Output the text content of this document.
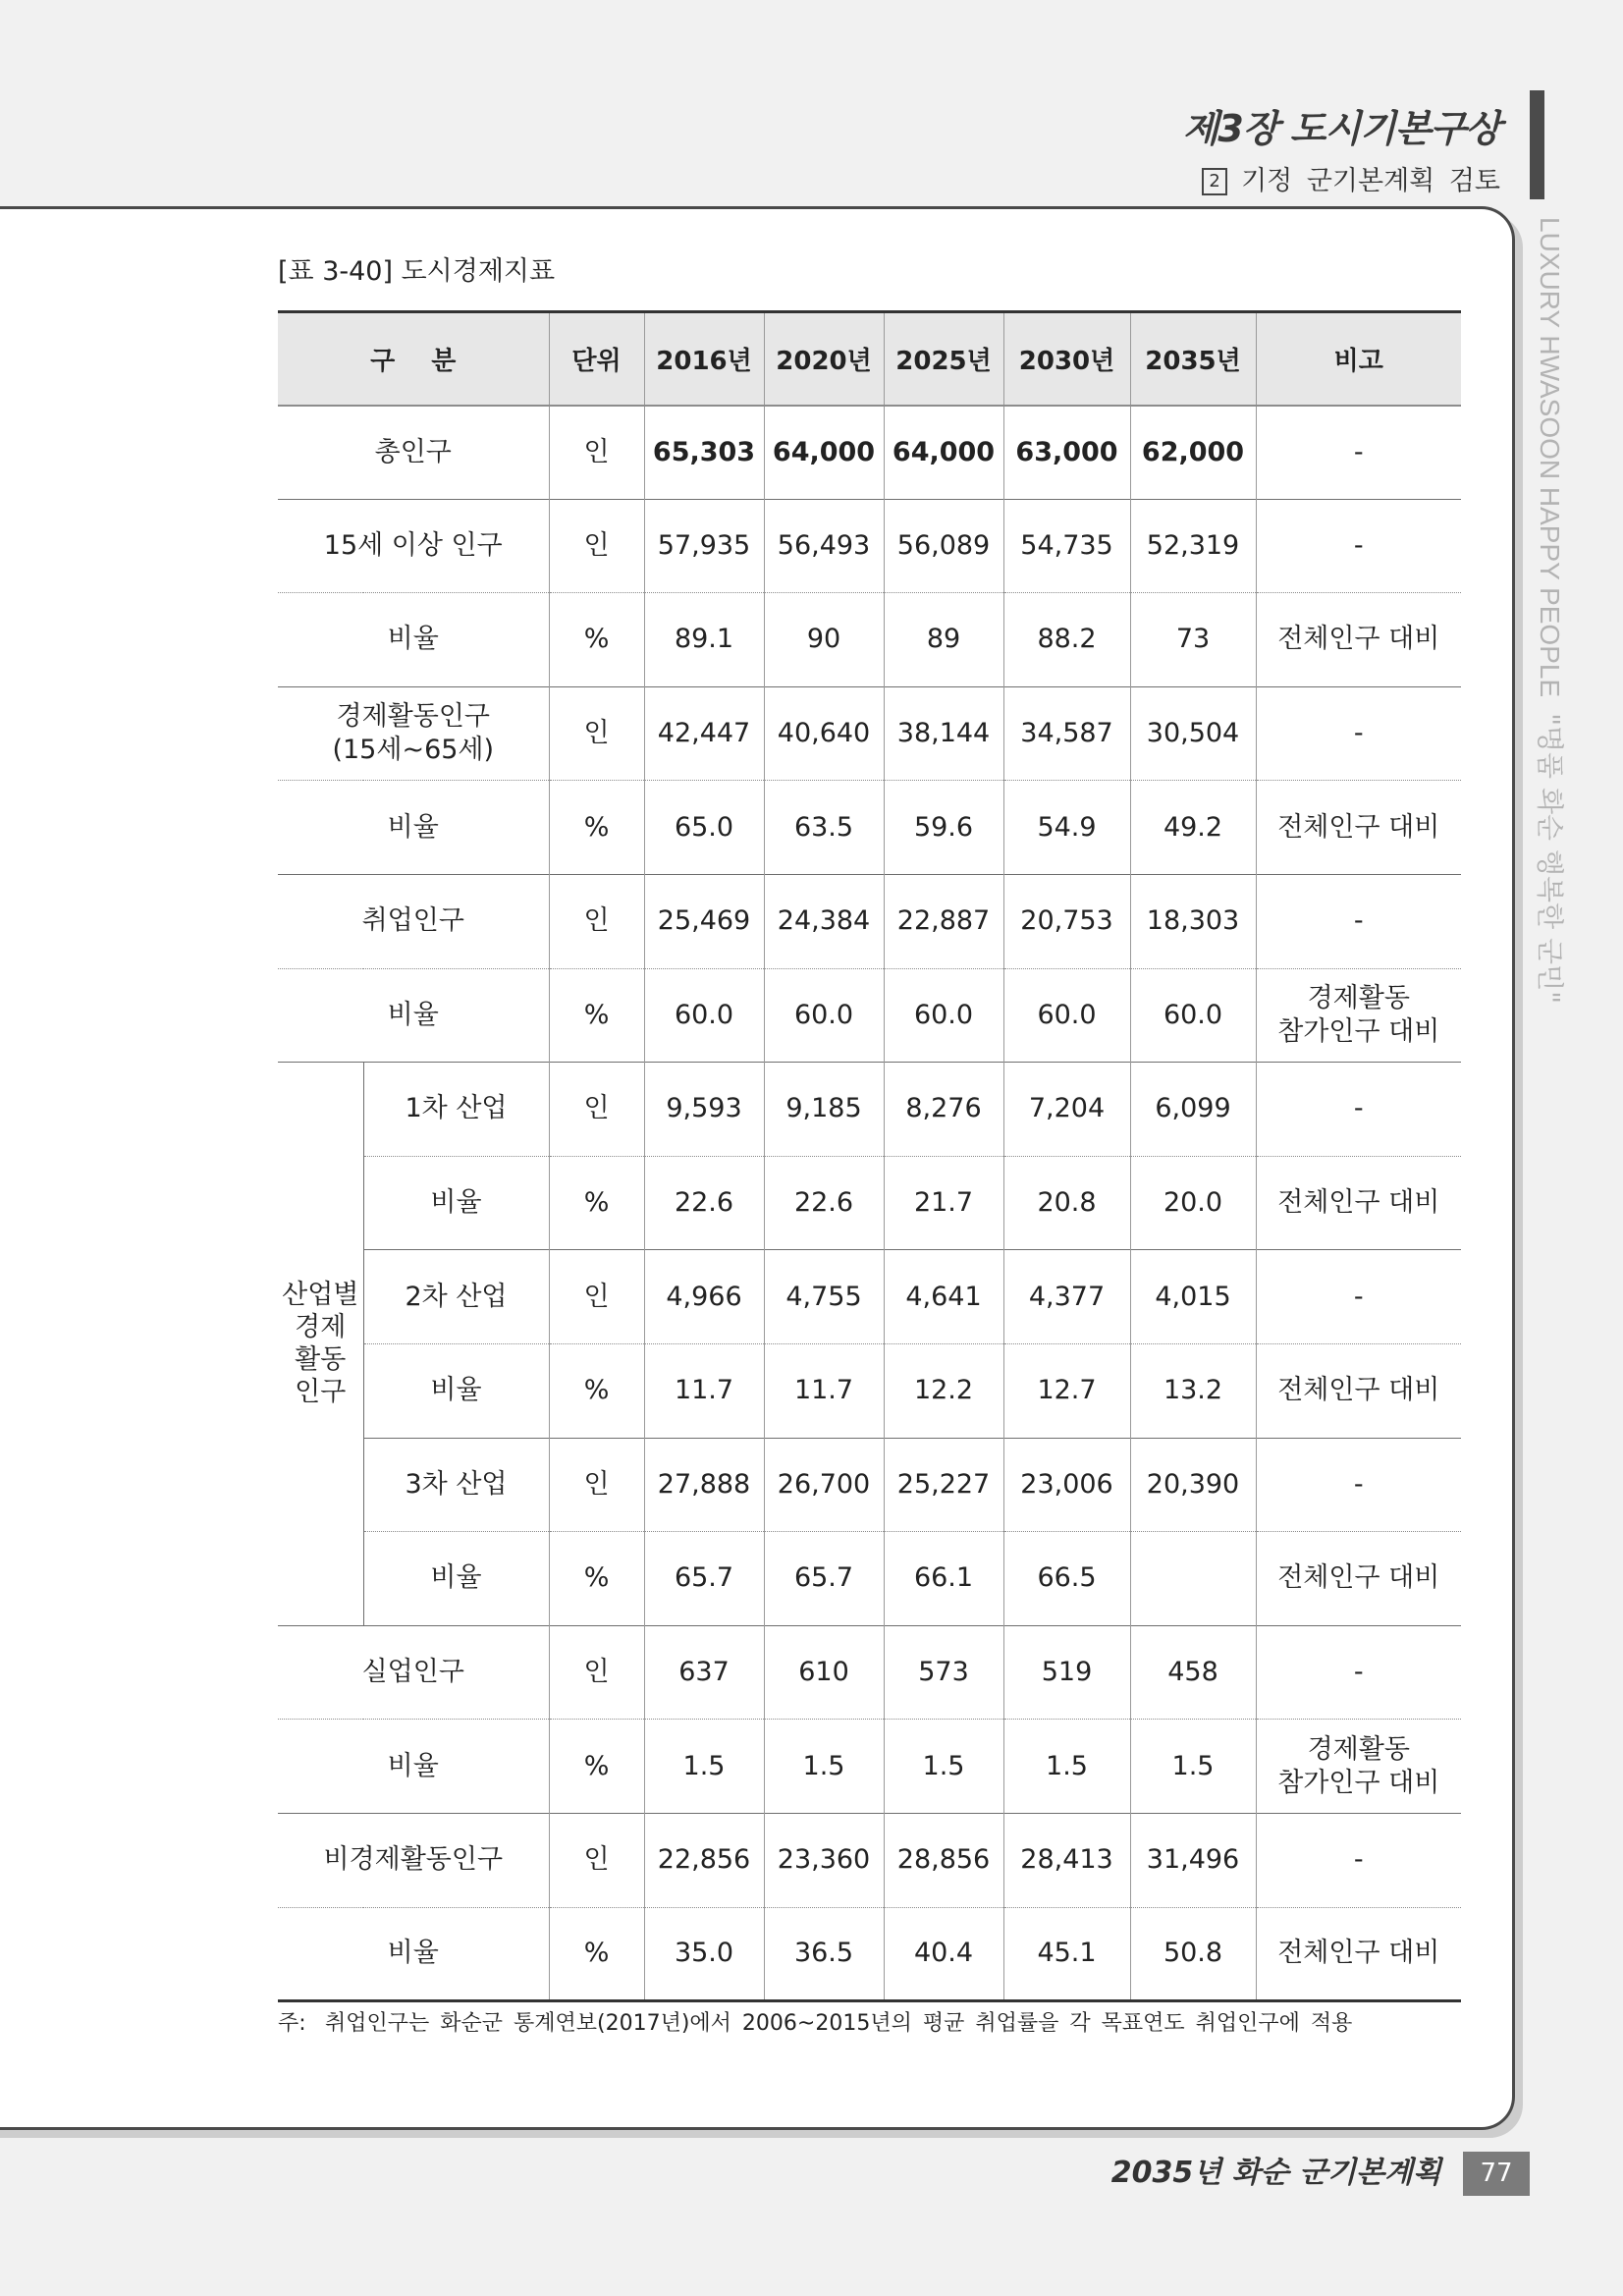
제3장 도시기본구상
2 기정 군기본계획 검토
LUXURY HWASOON HAPPY PEOPLE"명품 화순 행복한 군민"
[표 3-40] 도시경제지표
구 분		단위	2016년	2020년	2025년	2030년	2035년	비고

총인구		인	65,303	64,000	64,000	63,000	62,000	-

15세 이상 인구		인	57,935	56,493	56,089	54,735	52,319	-

비율		%	89.1	90	89	88.2	73	전체인구 대비

경제활동인구
(15세~65세)		인	42,447	40,640	38,144	34,587	30,504	-

비율		%	65.0	63.5	59.6	54.9	49.2	전체인구 대비

취업인구		인	25,469	24,384	22,887	20,753	18,303	-

비율		%	60.0	60.0	60.0	60.0	60.0	경제활동 참가인구 대비

산업별
경제
활동
인구	1차 산업	인	9,593	9,185	8,276	7,204	6,099	-

	비율	%	22.6	22.6	21.7	20.8	20.0	전체인구 대비

	2차 산업	인	4,966	4,755	4,641	4,377	4,015	-

	비율	%	11.7	11.7	12.2	12.7	13.2	전체인구 대비

	3차 산업	인	27,888	26,700	25,227	23,006	20,390	-

	비율	%	65.7	65.7	66.1	66.5		전체인구 대비

실업인구		인	637	610	573	519	458	-

비율		%	1.5	1.5	1.5	1.5	1.5	경제활동 참가인구 대비

비경제활동인구		인	22,856	23,360	28,856	28,413	31,496	-

비율		%	35.0	36.5	40.4	45.1	50.8	전체인구 대비
주: 취업인구는 화순군 통계연보(2017년)에서 2006~2015년의 평균 취업률을 각 목표연도 취업인구에 적용
2035년 화순 군기본계획	77
